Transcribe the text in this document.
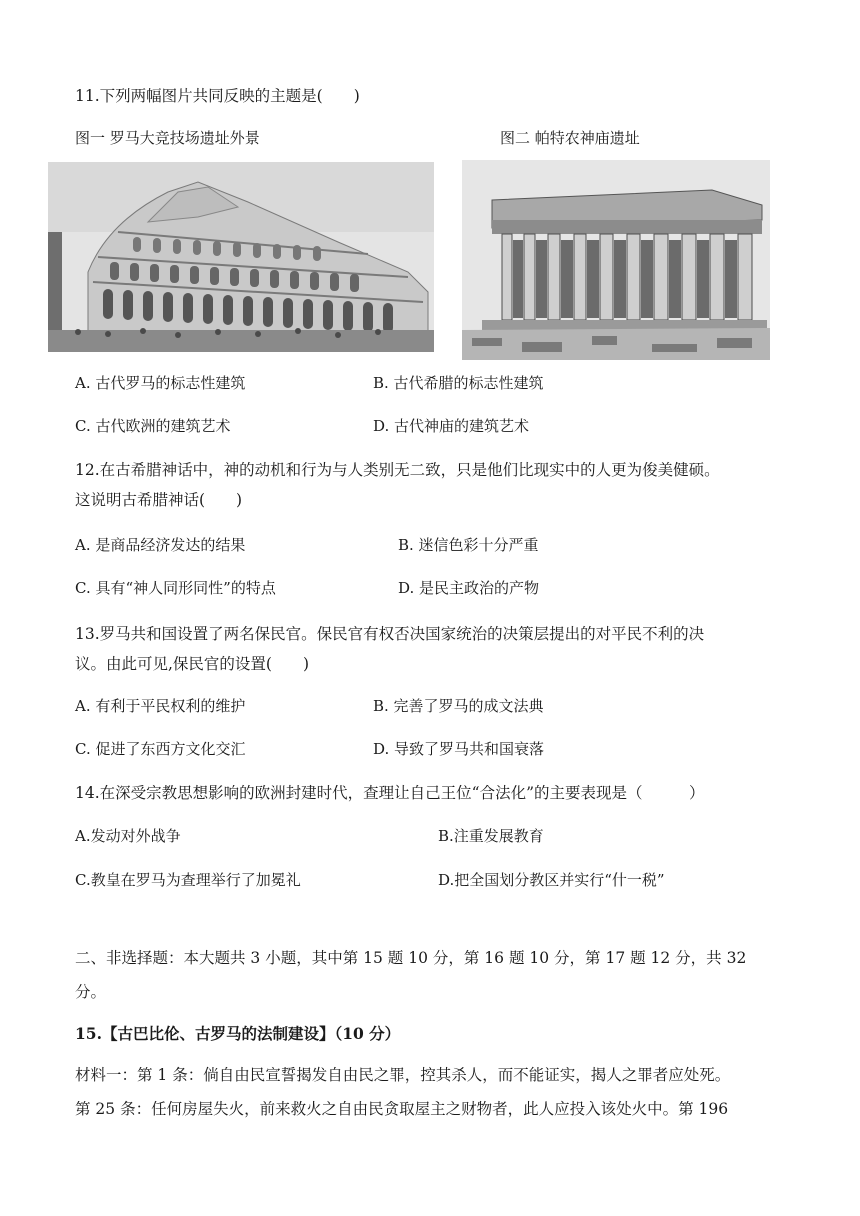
11.下列两幅图片共同反映的主题是(　　)
图一 罗马大竞技场遗址外景	图二 帕特农神庙遗址
A. 古代罗马的标志性建筑	B. 古代希腊的标志性建筑
C. 古代欧洲的建筑艺术	D. 古代神庙的建筑艺术
12.在古希腊神话中，神的动机和行为与人类别无二致，只是他们比现实中的人更为俊美健硕。
这说明古希腊神话(　　)
A. 是商品经济发达的结果	B. 迷信色彩十分严重
C. 具有“神人同形同性”的特点	D. 是民主政治的产物
13.罗马共和国设置了两名保民官。保民官有权否决国家统治的决策层提出的对平民不利的决
议。由此可见,保民官的设置(　　)
A. 有利于平民权利的维护	B. 完善了罗马的成文法典
C. 促进了东西方文化交汇	D. 导致了罗马共和国衰落
14.在深受宗教思想影响的欧洲封建时代，查理让自己王位“合法化”的主要表现是（　　　）
A.发动对外战争	B.注重发展教育
C.教皇在罗马为查理举行了加冕礼	D.把全国划分教区并实行“什一税”
二、非选择题：本大题共 3 小题，其中第 15 题 10 分，第 16 题 10 分，第 17 题 12 分，共 32
分。
15.【古巴比伦、古罗马的法制建设】（10 分）
材料一：第 1 条：倘自由民宣誓揭发自由民之罪，控其杀人，而不能证实，揭人之罪者应处死。
第 25 条：任何房屋失火，前来救火之自由民贪取屋主之财物者，此人应投入该处火中。第 196
